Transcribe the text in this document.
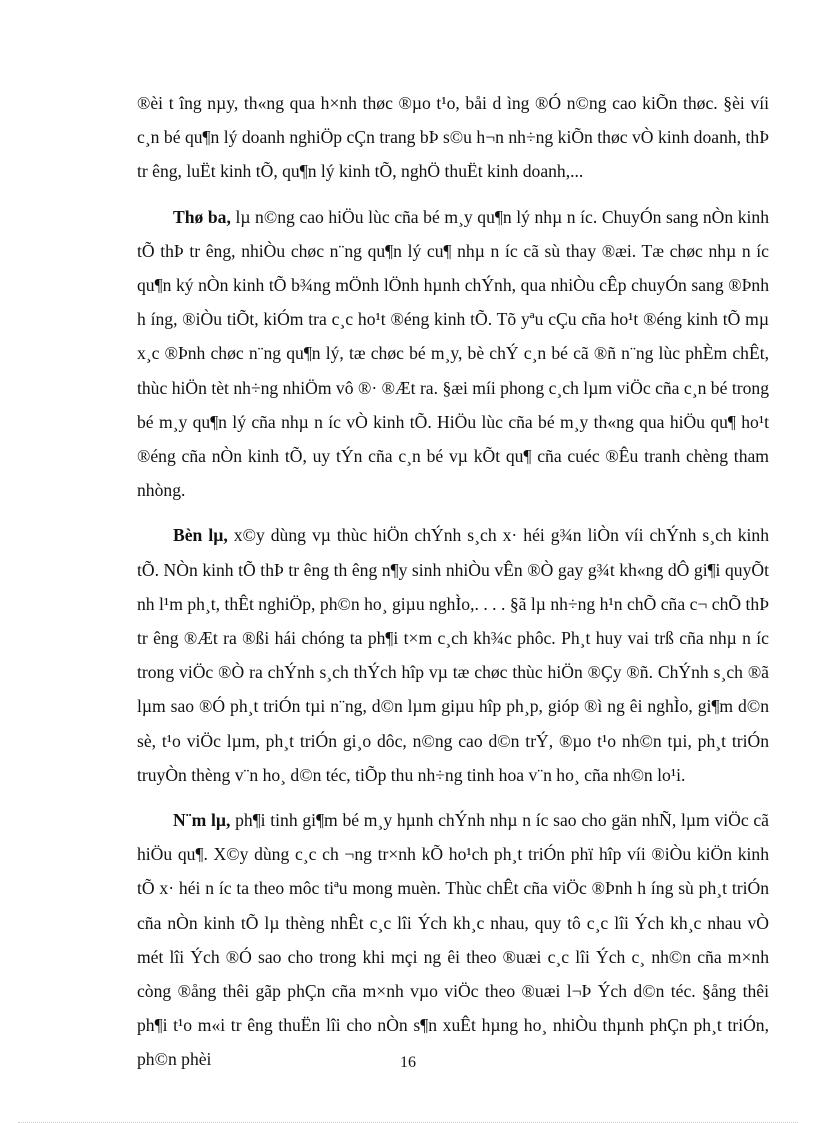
®èi t îng nµy, th«ng qua h×nh thøc ®µo t¹o, båi d ìng ®Ó n©ng cao kiÕn thøc. §èi víi c¸n bé qu¶n lý doanh nghiÖp cÇn trang bÞ s©u h¬n nh÷ng kiÕn thøc vÒ kinh doanh, thÞ tr êng, luËt kinh tÕ, qu¶n lý kinh tÕ, nghÖ thuËt kinh doanh,...

Thø ba, lµ n©ng cao hiÖu lùc cña bé m¸y qu¶n lý nhµ n íc. ChuyÓn sang nÒn kinh tÕ thÞ tr êng, nhiÒu chøc n¨ng qu¶n lý cu¶ nhµ n íc cã sù thay ®æi. Tæ chøc nhµ n íc qu¶n ký nÒn kinh tÕ b¾ng mÖnh lÖnh hµnh chÝnh, qua nhiÒu cÊp chuyÓn sang ®Þnh h íng, ®iÒu tiÕt, kiÓm tra c¸c ho¹t ®éng kinh tÕ. Tõ yªu cÇu cña ho¹t ®éng kinh tÕ mµ x¸c ®Þnh chøc n¨ng qu¶n lý, tæ chøc bé m¸y, bè chÝ c¸n bé cã ®ñ n¨ng lùc phÈm chÊt, thùc hiÖn tèt nh÷ng nhiÖm vô ®· ®Æt ra. §æi míi phong c¸ch lµm viÖc cña c¸n bé trong bé m¸y qu¶n lý cña nhµ n íc vÒ kinh tÕ. HiÖu lùc cña bé m¸y th«ng qua hiÖu qu¶ ho¹t ®éng cña nÒn kinh tÕ, uy tÝn cña c¸n bé vµ kÕt qu¶ cña cuéc ®Êu tranh chèng tham nhòng.

Bèn lµ, x©y dùng vµ thùc hiÖn chÝnh s¸ch x· héi g¾n liÒn víi chÝnh s¸ch kinh tÕ. NÒn kinh tÕ thÞ tr êng th êng n¶y sinh nhiÒu vÊn ®Ò gay g¾t kh«ng dÔ gi¶i quyÕt nh l¹m ph¸t, thÊt nghiÖp, ph©n ho¸ giµu nghÌo,. . . . §ã lµ nh÷ng h¹n chÕ cña c¬ chÕ thÞ tr êng ®Æt ra ®ßi hái chóng ta ph¶i t×m c¸ch kh¾c phôc. Ph¸t huy vai trß cña nhµ n íc trong viÖc ®Ò ra chÝnh s¸ch thÝch hîp vµ tæ chøc thùc hiÖn ®Çy ®ñ. ChÝnh s¸ch ®ã lµm sao ®Ó ph¸t triÓn tµi n¨ng, d©n lµm giµu hîp ph¸p, gióp ®ì ng êi nghÌo, gi¶m d©n sè, t¹o viÖc lµm, ph¸t triÓn gi¸o dôc, n©ng cao d©n trÝ, ®µo t¹o nh©n tµi, ph¸t triÓn truyÒn thèng v¨n ho¸ d©n téc, tiÕp thu nh÷ng tinh hoa v¨n ho¸ cña nh©n lo¹i.

N¨m lµ, ph¶i tinh gi¶m bé m¸y hµnh chÝnh nhµ n íc sao cho gän nhÑ, lµm viÖc cã hiÖu qu¶. X©y dùng c¸c ch ¬ng tr×nh kÕ ho¹ch ph¸t triÓn phï hîp víi ®iÒu kiÖn kinh tÕ x· héi n íc ta theo môc tiªu mong muèn. Thùc chÊt cña viÖc ®Þnh h íng sù ph¸t triÓn cña nÒn kinh tÕ lµ thèng nhÊt c¸c lîi Ých kh¸c nhau, quy tô c¸c lîi Ých kh¸c nhau vÒ mét lîi Ých ®Ó sao cho trong khi mçi ng êi theo ®uæi c¸c lîi Ých c¸ nh©n cña m×nh còng ®ång thêi gãp phÇn cña m×nh vµo viÖc theo ®uæi l¬Þ Ých d©n téc. §ång thêi ph¶i t¹o m«i tr êng thuËn lîi cho nÒn s¶n xuÊt hµng ho¸ nhiÒu thµnh phÇn ph¸t triÓn, ph©n phèi	16
